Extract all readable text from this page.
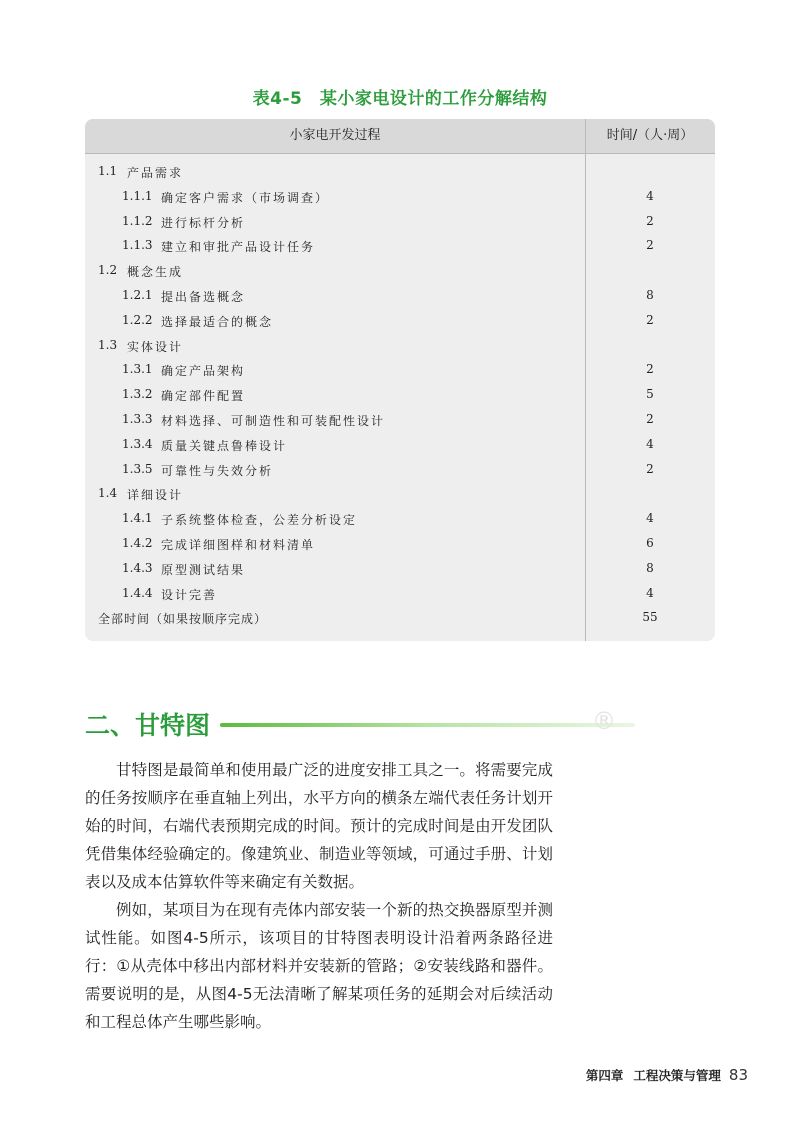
表4-5　某小家电设计的工作分解结构
小家电开发过程	时间/（人·周）
1.1 产品需求
1.1.1 确定客户需求（市场调查）	4
1.1.2 进行标杆分析	2
1.1.3 建立和审批产品设计任务	2
1.2 概念生成
1.2.1 提出备选概念	8
1.2.2 选择最适合的概念	2
1.3 实体设计
1.3.1 确定产品架构	2
1.3.2 确定部件配置	5
1.3.3 材料选择、可制造性和可装配性设计	2
1.3.4 质量关键点鲁棒设计	4
1.3.5 可靠性与失效分析	2
1.4 详细设计
1.4.1 子系统整体检查，公差分析设定	4
1.4.2 完成详细图样和材料清单	6
1.4.3 原型测试结果	8
1.4.4 设计完善	4
全部时间（如果按顺序完成）	55
二、甘特图	®

甘特图是最简单和使用最广泛的进度安排工具之一。将需要完成的任务按顺序在垂直轴上列出，水平方向的横条左端代表任务计划开始的时间，右端代表预期完成的时间。预计的完成时间是由开发团队凭借集体经验确定的。像建筑业、制造业等领域，可通过手册、计划表以及成本估算软件等来确定有关数据。

例如，某项目为在现有壳体内部安装一个新的热交换器原型并测试性能。如图4-5所示，该项目的甘特图表明设计沿着两条路径进行：①从壳体中移出内部材料并安装新的管路；②安装线路和器件。需要说明的是，从图4-5无法清晰了解某项任务的延期会对后续活动和工程总体产生哪些影响。

第四章 工程决策与管理 83
